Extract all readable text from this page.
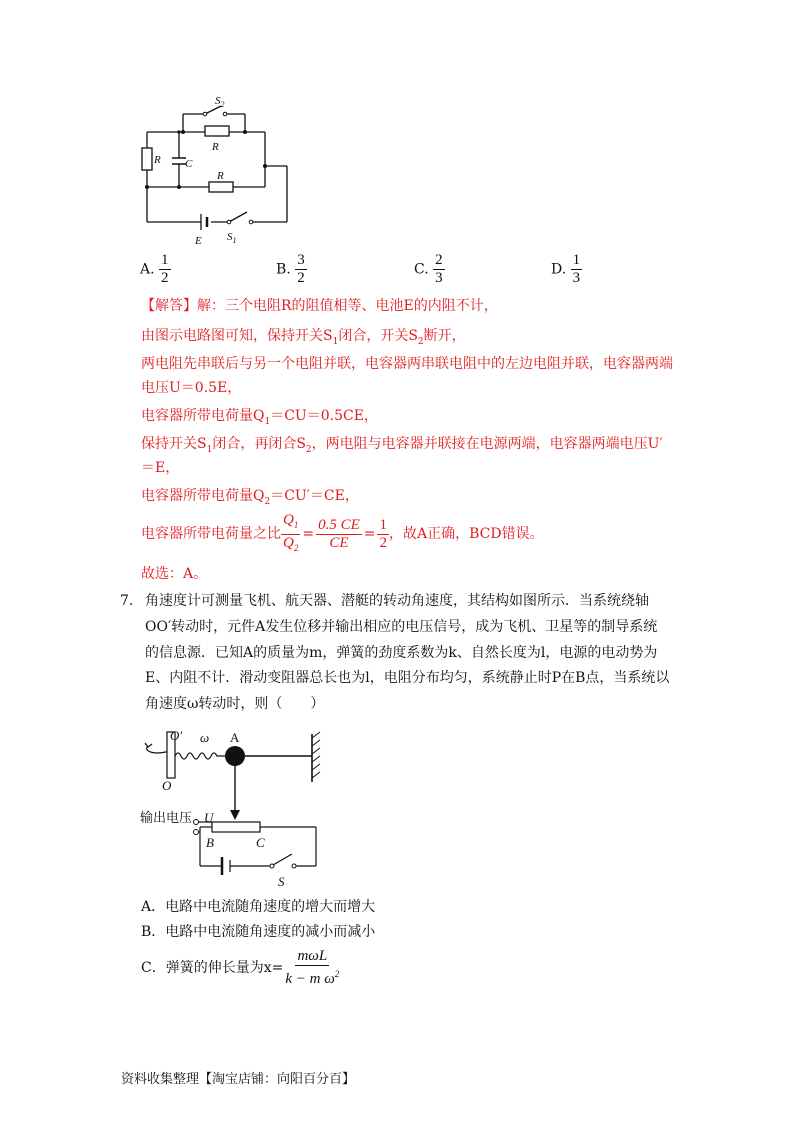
$S_2$
R
R C
R
E $S_1$
A. $\frac{1}{2}$	B. $\frac{3}{2}$	C. $\frac{2}{3}$	D. $\frac{1}{3}$
【解答】解：三个电阻R的阻值相等、电池E的内阻不计，
由图示电路图可知，保持开关$S_1$闭合，开关$S_2$断开，
两电阻先串联后与另一个电阻并联，电容器两串联电阻中的左边电阻并联，电容器两端
电压U＝0.5E，
电容器所带电荷量$Q_1=CU=0.5CE$，
保持开关$S_1$闭合，再闭合$S_2$，两电阻与电容器并联接在电源两端，电容器两端电压U′
＝E，
电容器所带电荷量$Q_2=CU'=CE$，
电容器所带电荷量之比 $\frac{Q_1}{Q_2} = \frac{0.5 CE}{CE} = \frac{1}{2}$ ，故A正确，BCD错误。
故选：A。
7. 角速度计可测量飞机、航天器、潜艇的转动角速度，其结构如图所示．当系统绕轴
OO′转动时，元件A发生位移并输出相应的电压信号，成为飞机、卫星等的制导系统
的信息源．已知A的质量为m，弹簧的劲度系数为k、自然长度为l，电源的电动势为
E、内阻不计．滑动变阻器总长也为l，电阻分布均匀，系统静止时P在B点，当系统以
角速度ω转动时，则（　　）
O′ ω A
O
U
B	C
S
输出电压
A．电路中电流随角速度的增大而增大
B．电路中电流随角速度的减小而减小
C．弹簧的伸长量为$x= \frac{\text{mωL}}{k - m \omega^2}$
资料收集整理【淘宝店铺：向阳百分百】
